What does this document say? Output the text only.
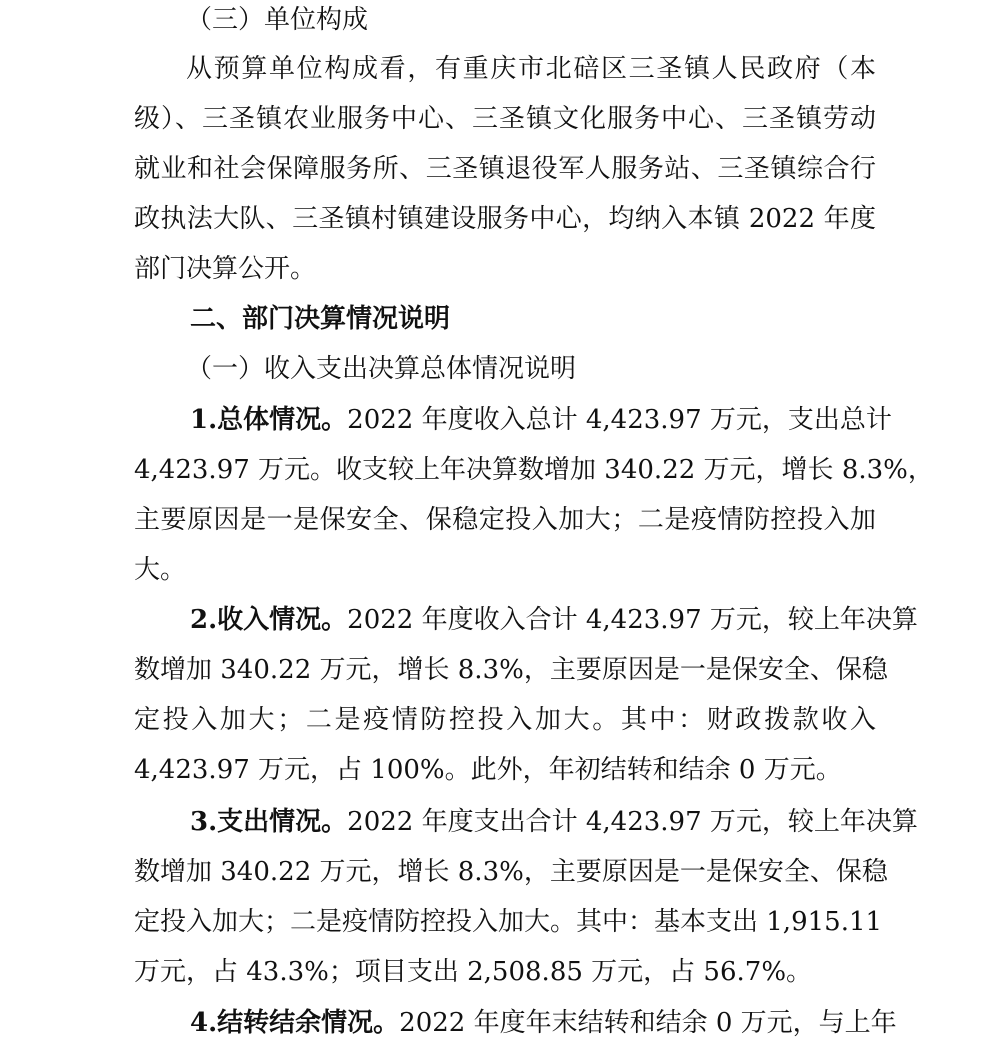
（三）单位构成
从预算单位构成看，有重庆市北碚区三圣镇人民政府（本
级）、三圣镇农业服务中心、三圣镇文化服务中心、三圣镇劳动
就业和社会保障服务所、三圣镇退役军人服务站、三圣镇综合行
政执法大队、三圣镇村镇建设服务中心，均纳入本镇 2022 年度
部门决算公开。
二、部门决算情况说明
（一）收入支出决算总体情况说明
1.总体情况。2022 年度收入总计 4,423.97 万元，支出总计
4,423.97 万元。收支较上年决算数增加 340.22 万元，增长 8.3%，
主要原因是一是保安全、保稳定投入加大；二是疫情防控投入加
大。
2.收入情况。2022 年度收入合计 4,423.97 万元，较上年决算
数增加 340.22 万元，增长 8.3%，主要原因是一是保安全、保稳
定投入加大；二是疫情防控投入加大。其中：财政拨款收入
4,423.97 万元，占 100%。此外，年初结转和结余 0 万元。
3.支出情况。2022 年度支出合计 4,423.97 万元，较上年决算
数增加 340.22 万元，增长 8.3%，主要原因是一是保安全、保稳
定投入加大；二是疫情防控投入加大。其中：基本支出 1,915.11
万元，占 43.3%；项目支出 2,508.85 万元，占 56.7%。
4.结转结余情况。2022 年度年末结转和结余 0 万元，与上年
